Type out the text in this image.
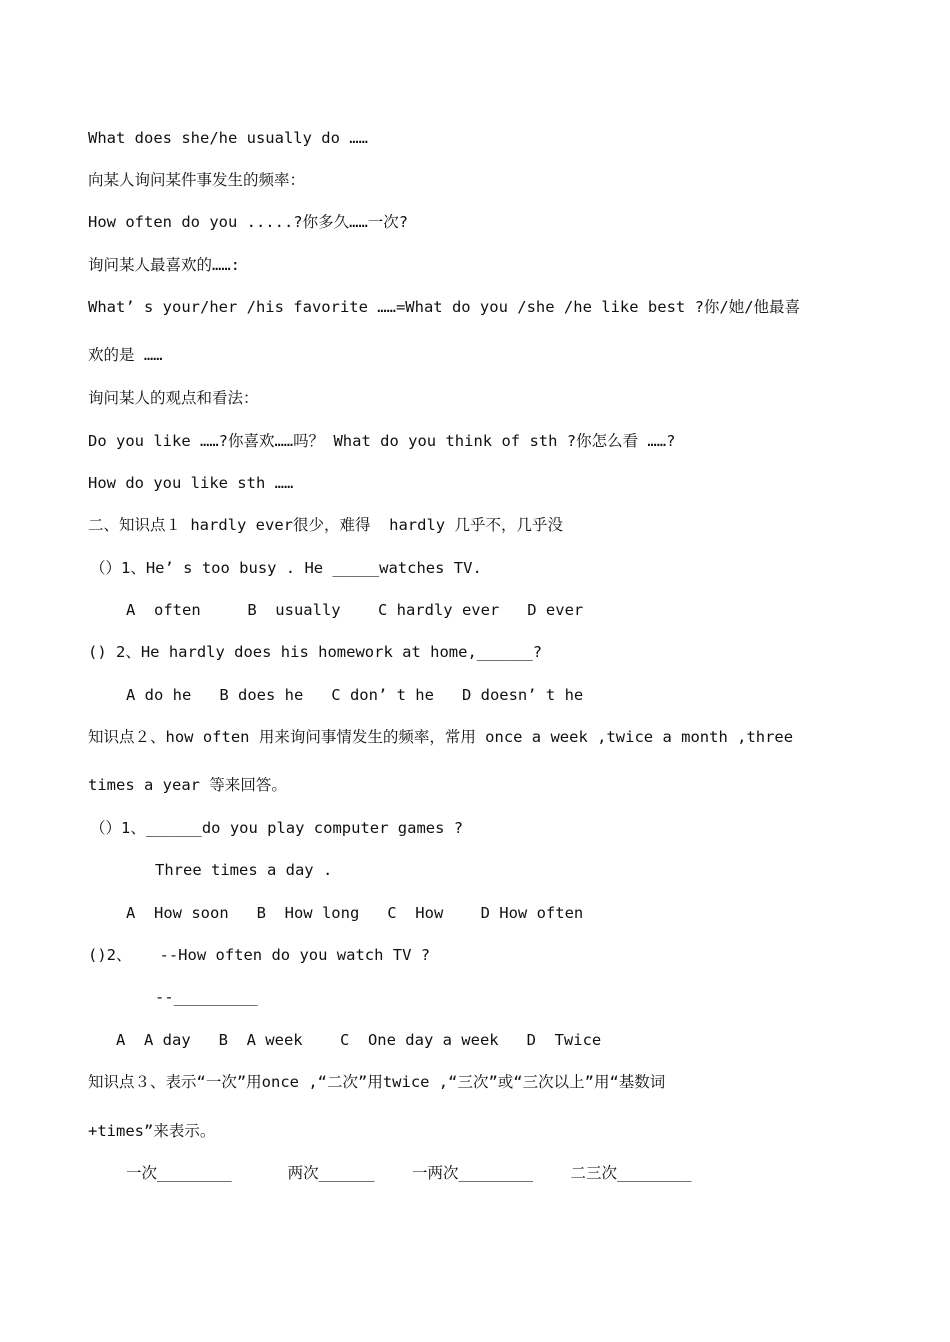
What does she/he usually do ……
向某人询问某件事发生的频率：
How often do you .....?你多久……一次?
询问某人最喜欢的……:
What’ s your/her /his favorite ……=What do you /she /he like best ?你/她/他最喜
欢的是 ……
询问某人的观点和看法：
Do you like ……?你喜欢……吗？ What do you think of sth ?你怎么看 ……?
How do you like sth ……
二、知识点１ hardly ever很少，难得  hardly 几乎不，几乎没
（）1、He’ s too busy . He _____watches TV.
A  often     B  usually    C hardly ever   D ever
() 2、He hardly does his homework at home,______?
A do he   B does he   C don’ t he   D doesn’ t he
知识点２、how often 用来询问事情发生的频率，常用 once a week ,twice a month ,three
times a year 等来回答。
（）1、______do you play computer games ?
Three times a day .
A  How soon   B  How long   C  How    D How often
()2、   --How often do you watch TV ?
--_________
A  A day   B  A week    C  One day a week   D  Twice
知识点３、表示“一次”用once ,“二次”用twice ,“三次”或“三次以上”用“基数词
+times”来表示。
一次________      两次______    一两次________    二三次________
